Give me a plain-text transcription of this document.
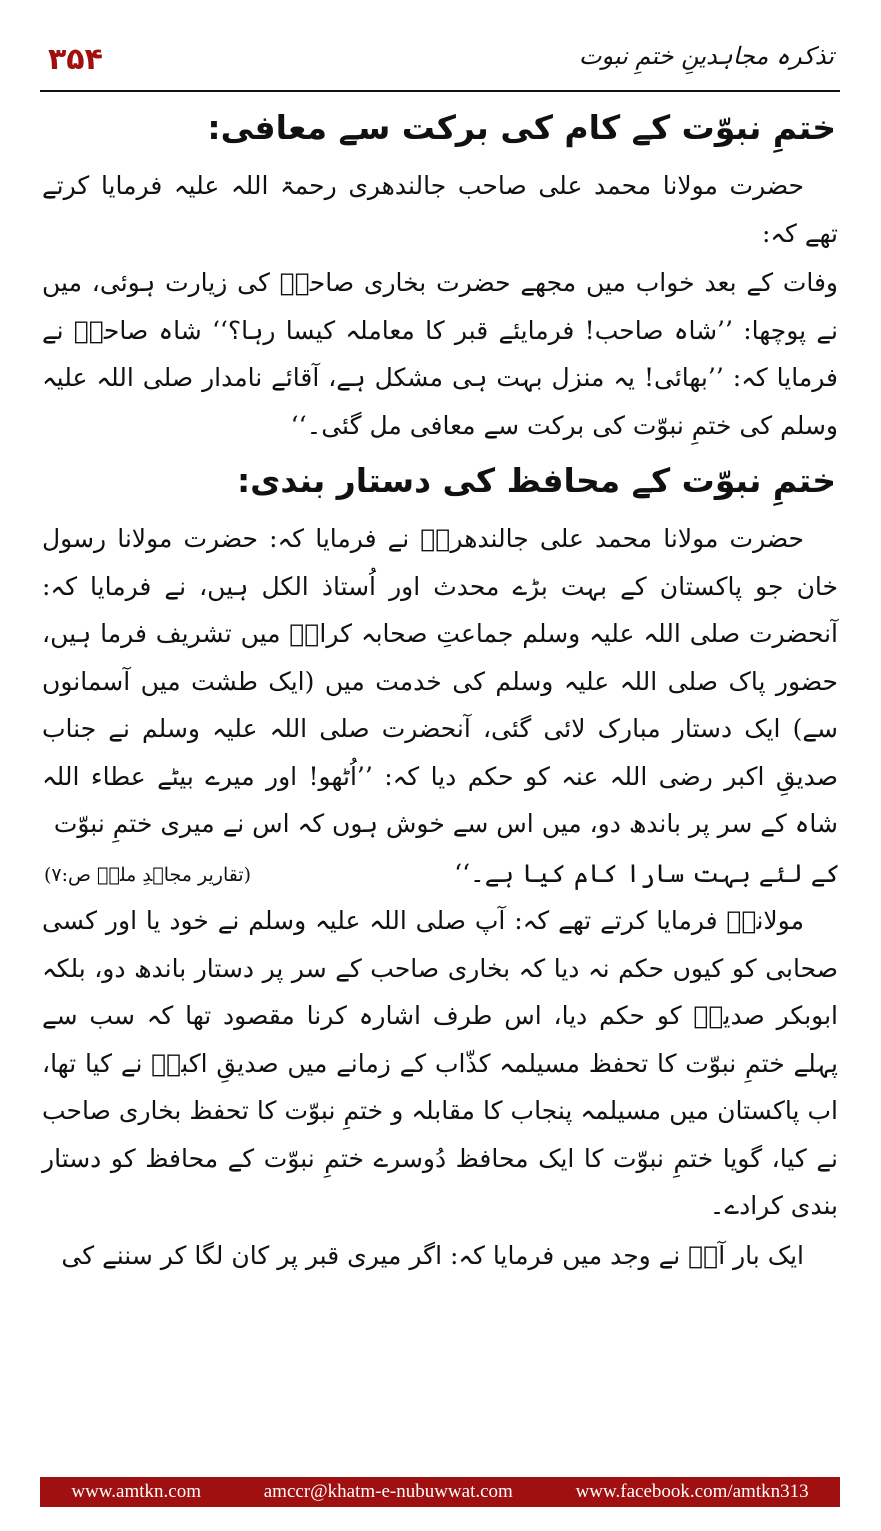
۳۵۴	تذکرہ مجاہدینِ ختمِ نبوت
ختمِ نبوّت کے کام کی برکت سے معافی:

حضرت مولانا محمد علی صاحب جالندھری رحمۃ اللہ علیہ فرمایا کرتے تھے کہ:

وفات کے بعد خواب میں مجھے حضرت بخاری صاحبؒ کی زیارت ہوئی، میں نے پوچھا: ’’شاہ صاحب! فرمایئے قبر کا معاملہ کیسا رہا؟‘‘ شاہ صاحبؒ نے فرمایا کہ: ’’بھائی! یہ منزل بہت ہی مشکل ہے، آقائے نامدار صلی اللہ علیہ وسلم کی ختمِ نبوّت کی برکت سے معافی مل گئی۔‘‘

ختمِ نبوّت کے محافظ کی دستار بندی:

حضرت مولانا محمد علی جالندھریؒ نے فرمایا کہ: حضرت مولانا رسول خان جو پاکستان کے بہت بڑے محدث اور اُستاذ الکل ہیں، نے فرمایا کہ: آنحضرت صلی اللہ علیہ وسلم جماعتِ صحابہ کرامؓ میں تشریف فرما ہیں، حضور پاک صلی اللہ علیہ وسلم کی خدمت میں (ایک طشت میں آسمانوں سے) ایک دستار مبارک لائی گئی، آنحضرت صلی اللہ علیہ وسلم نے جناب صدیقِ اکبر رضی اللہ عنہ کو حکم دیا کہ: ’’اُٹھو! اور میرے بیٹے عطاء اللہ شاہ کے سر پر باندھ دو، میں اس سے خوش ہوں کہ اس نے میری ختمِ نبوّت

کے لئے بہت سارا کام کیا ہے۔‘‘
(تقاریر مجاہدِ ملتؒ ص:۷)

مولاناؒ فرمایا کرتے تھے کہ: آپ صلی اللہ علیہ وسلم نے خود یا اور کسی صحابی کو کیوں حکم نہ دیا کہ بخاری صاحب کے سر پر دستار باندھ دو، بلکہ ابوبکر صدیقؓ کو حکم دیا، اس طرف اشارہ کرنا مقصود تھا کہ سب سے پہلے ختمِ نبوّت کا تحفظ مسیلمہ کذّاب کے زمانے میں صدیقِ اکبرؓ نے کیا تھا، اب پاکستان میں مسیلمہ پنجاب کا مقابلہ و ختمِ نبوّت کا تحفظ بخاری صاحب نے کیا، گویا ختمِ نبوّت کا ایک محافظ دُوسرے ختمِ نبوّت کے محافظ کو دستار بندی کرادے۔

ایک بار آپؒ نے وجد میں فرمایا کہ: اگر میری قبر پر کان لگا کر سننے کی

www.amtkn.com	amccr@khatm-e-nubuwwat.com	www.facebook.com/amtkn313
